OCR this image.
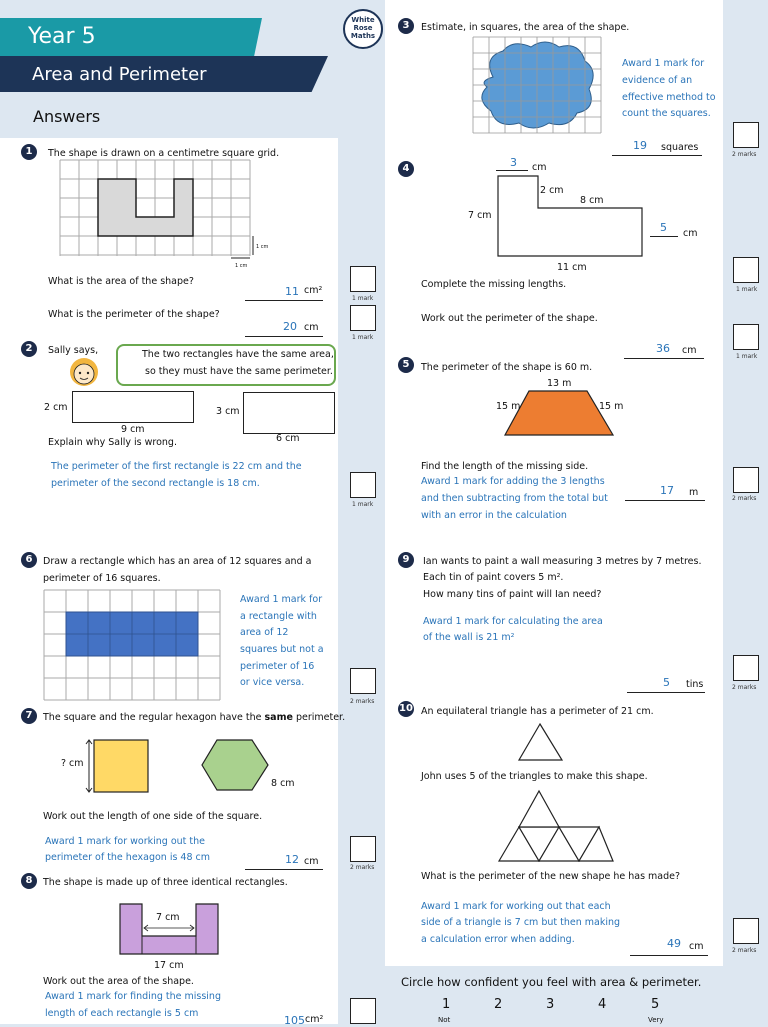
Year 5
Area and Perimeter
Answers
White
Rose
Maths
1	The shape is drawn on a centimetre square grid.
1 cm
1 cm
What is the area of the shape?
11 cm²
1 mark
What is the perimeter of the shape?
20 cm
1 mark
2	Sally says,	The two rectangles have the same area,
so they must have the same perimeter.
2 cm
9 cm
3 cm
6 cm
Explain why Sally is wrong.
The perimeter of the first rectangle is 22 cm and the
perimeter of the second rectangle is 18 cm.
1 mark
6	Draw a rectangle which has an area of 12 squares and a
perimeter of 16 squares.
Award 1 mark for
a rectangle with
area of 12
squares but not a
perimeter of 16
or vice versa.
2 marks
7	The square and the regular hexagon have the same perimeter.
? cm
8 cm
Work out the length of one side of the square.
Award 1 mark for working out the
perimeter of the hexagon is 48 cm	12 cm
2 marks
8	The shape is made up of three identical rectangles.
7 cm
17 cm
Work out the area of the shape.
Award 1 mark for finding the missing
length of each rectangle is 5 cm
105 cm²
3	Estimate, in squares, the area of the shape.
Award 1 mark for
evidence of an
effective method to
count the squares.
19 squares
2 marks
4	3 cm
2 cm
8 cm
7 cm
5 cm
11 cm
Complete the missing lengths.	1 mark
Work out the perimeter of the shape.
36 cm
1 mark
5	The perimeter of the shape is 60 m.
13 m
15 m	15 m
Find the length of the missing side.
Award 1 mark for adding the 3 lengths
and then subtracting from the total but
with an error in the calculation
17 m
2 marks
9	Ian wants to paint a wall measuring 3 metres by 7 metres.
Each tin of paint covers 5 m².
How many tins of paint will Ian need?
Award 1 mark for calculating the area
of the wall is 21 m²
5 tins	2 marks
10 An equilateral triangle has a perimeter of 21 cm.
John uses 5 of the triangles to make this shape.
What is the perimeter of the new shape he has made?
Award 1 mark for working out that each
side of a triangle is 7 cm but then making
a calculation error when adding.	49 cm	2 marks
Circle how confident you feel with area & perimeter.
1	2	3	4	5
Not	Very
